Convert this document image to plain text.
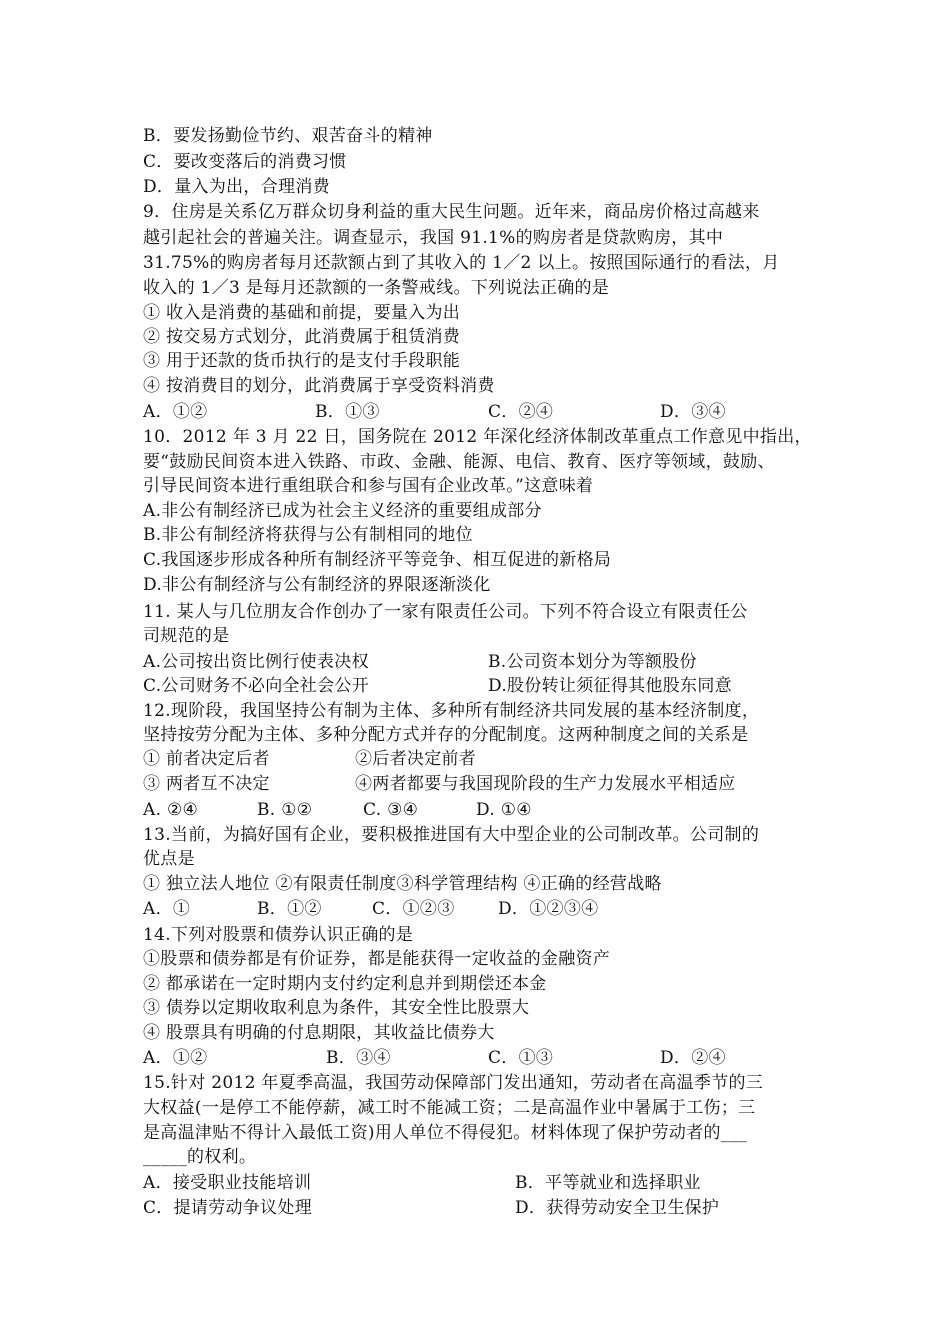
B．要发扬勤俭节约、艰苦奋斗的精神
C．要改变落后的消费习惯
D．量入为出，合理消费
9．住房是关系亿万群众切身利益的重大民生问题。近年来，商品房价格过高越来
越引起社会的普遍关注。调查显示，我国 91.1%的购房者是贷款购房，其中
31.75%的购房者每月还款额占到了其收入的 1／2 以上。按照国际通行的看法，月
收入的 1／3 是每月还款额的一条警戒线。下列说法正确的是
① 收入是消费的基础和前提，要量入为出
② 按交易方式划分，此消费属于租赁消费
③ 用于还款的货币执行的是支付手段职能
④ 按消费目的划分，此消费属于享受资料消费
A．①②	B．①③	C．②④	D．③④
10．2012 年 3 月 22 日，国务院在 2012 年深化经济体制改革重点工作意见中指出，
要“鼓励民间资本进入铁路、市政、金融、能源、电信、教育、医疗等领域，鼓励、
引导民间资本进行重组联合和参与国有企业改革。”这意味着
A.非公有制经济已成为社会主义经济的重要组成部分
B.非公有制经济将获得与公有制相同的地位
C.我国逐步形成各种所有制经济平等竞争、相互促进的新格局
D.非公有制经济与公有制经济的界限逐渐淡化
11. 某人与几位朋友合作创办了一家有限责任公司。下列不符合设立有限责任公
司规范的是
A.公司按出资比例行使表决权	B.公司资本划分为等额股份
C.公司财务不必向全社会公开	D.股份转让须征得其他股东同意
12.现阶段，我国坚持公有制为主体、多种所有制经济共同发展的基本经济制度，
坚持按劳分配为主体、多种分配方式并存的分配制度。这两种制度之间的关系是
① 前者决定后者	②后者决定前者
③ 两者互不决定	④两者都要与我国现阶段的生产力发展水平相适应
A. ②④	B. ①②	C. ③④	D. ①④
13.当前，为搞好国有企业，要积极推进国有大中型企业的公司制改革。公司制的
优点是
① 独立法人地位 ②有限责任制度③科学管理结构 ④正确的经营战略
A．①	B．①②	C．①②③	D．①②③④
14.下列对股票和债券认识正确的是
①股票和债券都是有价证券，都是能获得一定收益的金融资产
② 都承诺在一定时期内支付约定利息并到期偿还本金
③ 债券以定期收取利息为条件，其安全性比股票大
④ 股票具有明确的付息期限，其收益比债券大
A．①②	B．③④	C．①③	D．②④
15.针对 2012 年夏季高温，我国劳动保障部门发出通知，劳动者在高温季节的三
大权益(一是停工不能停薪，减工时不能减工资；二是高温作业中暑属于工伤；三
是高温津贴不得计入最低工资)用人单位不得侵犯。材料体现了保护劳动者的___
_____的权利。
A．接受职业技能培训	B．平等就业和选择职业
C．提请劳动争议处理	D．获得劳动安全卫生保护
